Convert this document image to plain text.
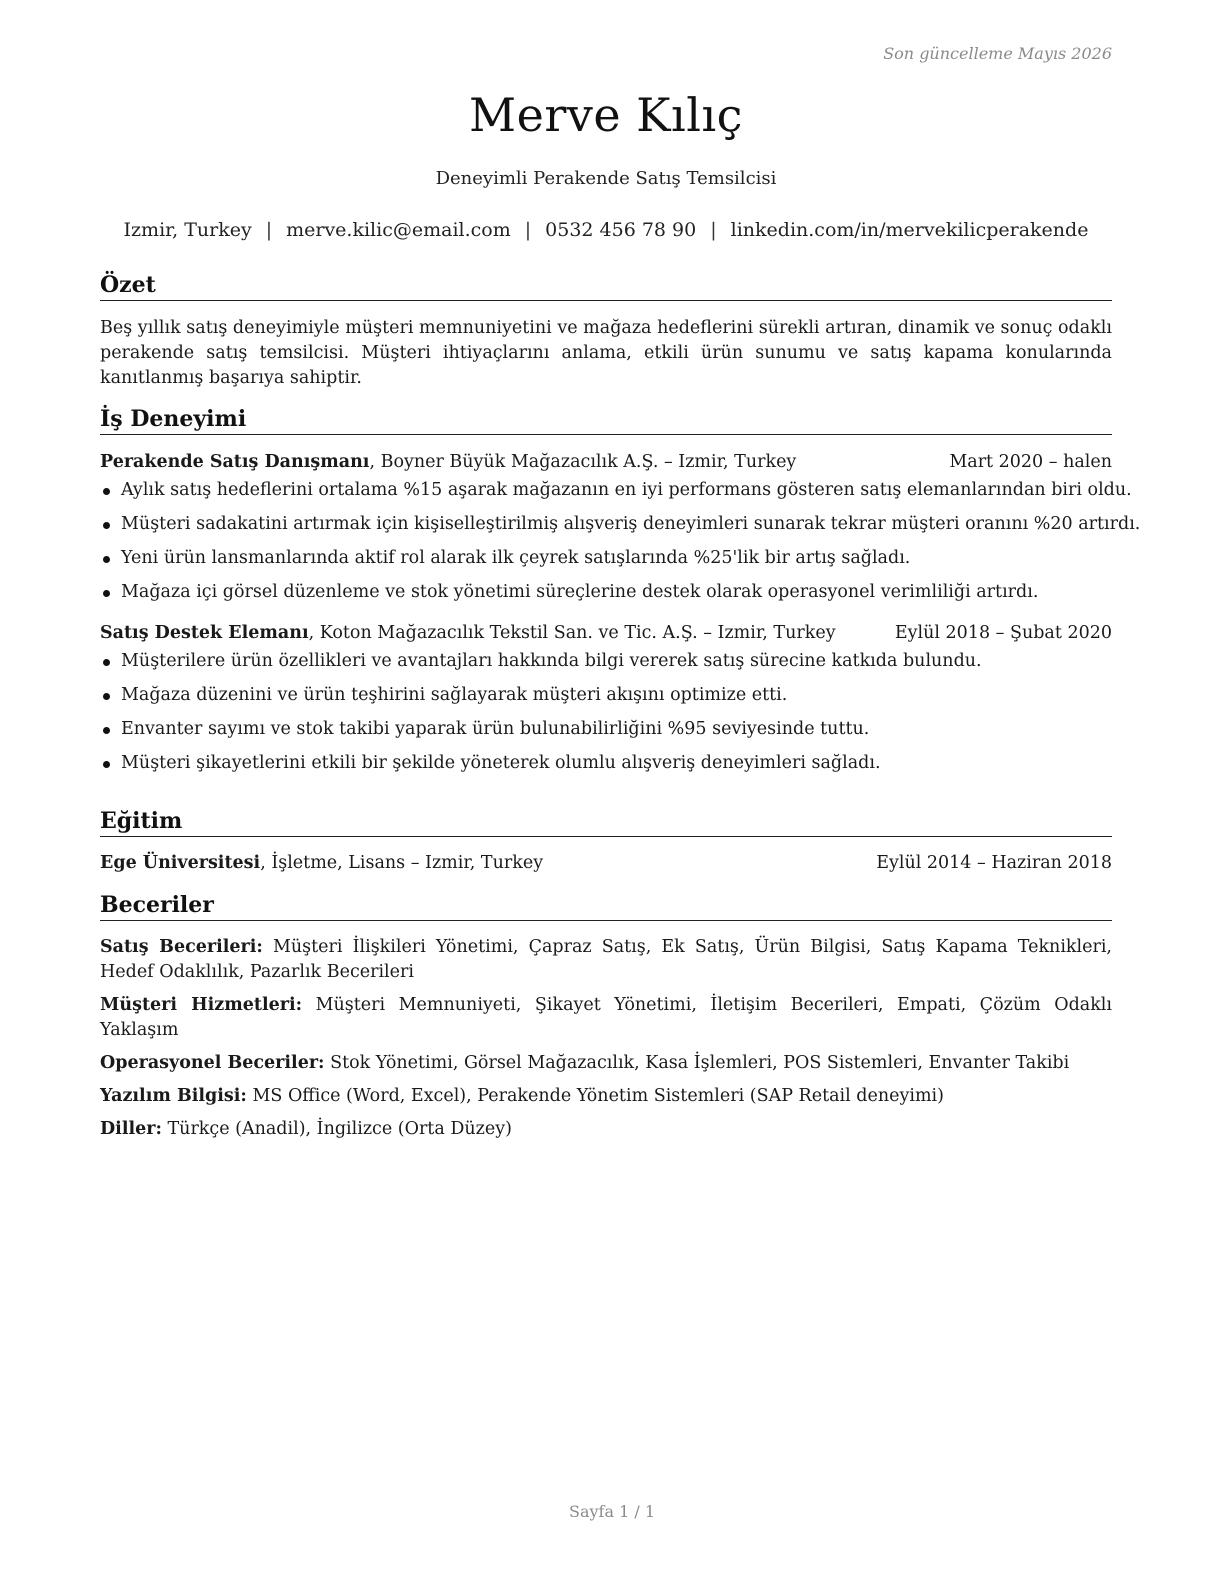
Son güncelleme Mayıs 2026
Merve Kılıç
Deneyimli Perakende Satış Temsilcisi
Izmir, Turkey | merve.kilic@email.com | 0532 456 78 90 | linkedin.com/in/mervekilicperakende
Özet
Beş yıllık satış deneyimiyle müşteri memnuniyetini ve mağaza hedeflerini sürekli artıran, dinamik ve sonuç odaklı perakende satış temsilcisi. Müşteri ihtiyaçlarını anlama, etkili ürün sunumu ve satış kapama konularında kanıtlanmış başarıya sahiptir.
İş Deneyimi
Perakende Satış Danışmanı, Boyner Büyük Mağazacılık A.Ş. – Izmir, Turkey	Mart 2020 – halen
Aylık satış hedeflerini ortalama %15 aşarak mağazanın en iyi performans gösteren satış elemanlarından biri oldu.
Müşteri sadakatini artırmak için kişiselleştirilmiş alışveriş deneyimleri sunarak tekrar müşteri oranını %20 artırdı.
Yeni ürün lansmanlarında aktif rol alarak ilk çeyrek satışlarında %25'lik bir artış sağladı.
Mağaza içi görsel düzenleme ve stok yönetimi süreçlerine destek olarak operasyonel verimliliği artırdı.
Satış Destek Elemanı, Koton Mağazacılık Tekstil San. ve Tic. A.Ş. – Izmir, Turkey	Eylül 2018 – Şubat 2020
Müşterilere ürün özellikleri ve avantajları hakkında bilgi vererek satış sürecine katkıda bulundu.
Mağaza düzenini ve ürün teşhirini sağlayarak müşteri akışını optimize etti.
Envanter sayımı ve stok takibi yaparak ürün bulunabilirliğini %95 seviyesinde tuttu.
Müşteri şikayetlerini etkili bir şekilde yöneterek olumlu alışveriş deneyimleri sağladı.
Eğitim
Ege Üniversitesi, İşletme, Lisans – Izmir, Turkey	Eylül 2014 – Haziran 2018
Beceriler
Satış Becerileri: Müşteri İlişkileri Yönetimi, Çapraz Satış, Ek Satış, Ürün Bilgisi, Satış Kapama Teknikleri, Hedef Odaklılık, Pazarlık Becerileri
Müşteri Hizmetleri: Müşteri Memnuniyeti, Şikayet Yönetimi, İletişim Becerileri, Empati, Çözüm Odaklı Yaklaşım
Operasyonel Beceriler: Stok Yönetimi, Görsel Mağazacılık, Kasa İşlemleri, POS Sistemleri, Envanter Takibi
Yazılım Bilgisi: MS Office (Word, Excel), Perakende Yönetim Sistemleri (SAP Retail deneyimi)
Diller: Türkçe (Anadil), İngilizce (Orta Düzey)
Sayfa 1 / 1
